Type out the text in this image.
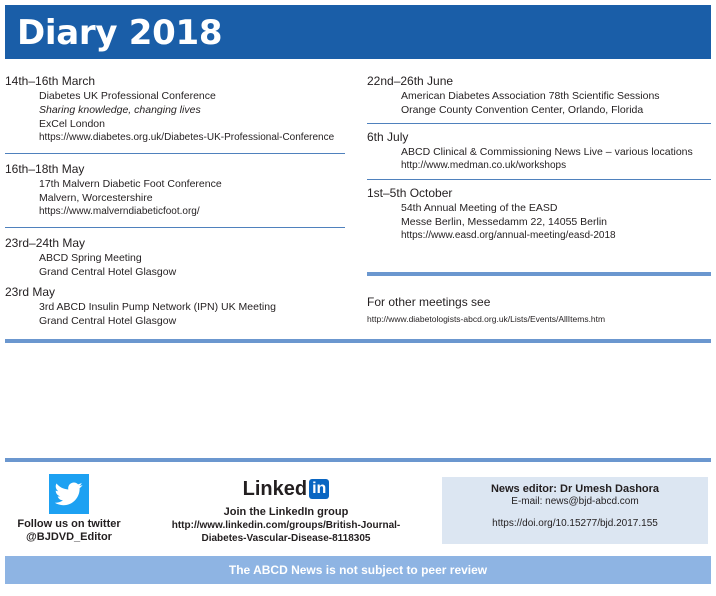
Diary 2018
14th–16th March
Diabetes UK Professional Conference
Sharing knowledge, changing lives
ExCel London
https://www.diabetes.org.uk/Diabetes-UK-Professional-Conference
16th–18th May
17th Malvern Diabetic Foot Conference
Malvern, Worcestershire
https://www.malverndiabeticfoot.org/
23rd–24th May
ABCD Spring Meeting
Grand Central Hotel Glasgow
23rd May
3rd ABCD Insulin Pump Network (IPN) UK Meeting
Grand Central Hotel Glasgow
22nd–26th June
American Diabetes Association 78th Scientific Sessions
Orange County Convention Center, Orlando, Florida
6th July
ABCD Clinical & Commissioning News Live – various locations
http://www.medman.co.uk/workshops
1st–5th October
54th Annual Meeting of the EASD
Messe Berlin, Messedamm 22, 14055 Berlin
https://www.easd.org/annual-meeting/easd-2018
For other meetings see
http://www.diabetologists-abcd.org.uk/Lists/Events/AllItems.htm
Follow us on twitter
@BJDVD_Editor
Linked in
Join the LinkedIn group
http://www.linkedin.com/groups/British-Journal-
Diabetes-Vascular-Disease-8118305
News editor: Dr Umesh Dashora
E-mail: news@bjd-abcd.com
https://doi.org/10.15277/bjd.2017.155
The ABCD News is not subject to peer review
